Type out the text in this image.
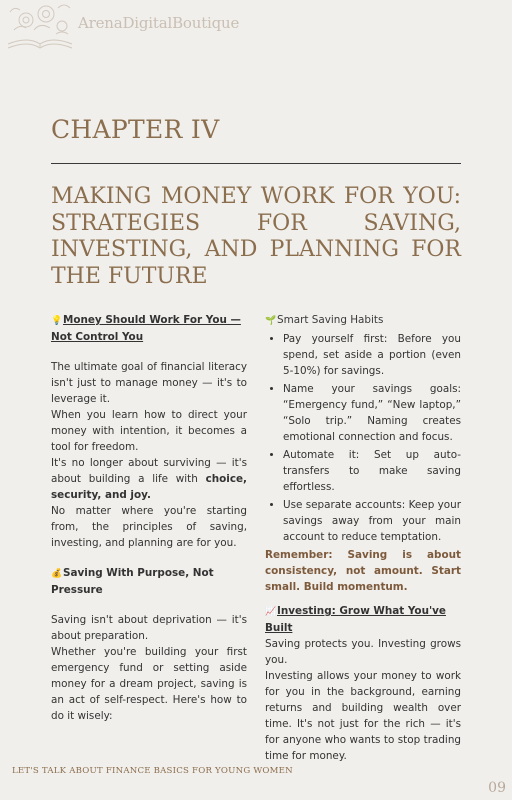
ArenaDigitalBoutique
CHAPTER IV
MAKING MONEY WORK FOR YOU: STRATEGIES FOR SAVING, INVESTING, AND PLANNING FOR THE FUTURE

💡Money Should Work For You — Not Control You

The ultimate goal of financial literacy isn't just to manage money — it's to leverage it.

When you learn how to direct your money with intention, it becomes a tool for freedom.

It's no longer about surviving — it's about building a life with choice, security, and joy.

No matter where you're starting from, the principles of saving, investing, and planning are for you.

💰Saving With Purpose, Not Pressure

Saving isn't about deprivation — it's about preparation.

Whether you're building your first emergency fund or setting aside money for a dream project, saving is an act of self-respect. Here's how to do it wisely:

🌱Smart Saving Habits

• Pay yourself first: Before you spend, set aside a portion (even 5-10%) for savings.
• Name your savings goals: “Emergency fund,” “New laptop,” “Solo trip.” Naming creates emotional connection and focus.
• Automate it: Set up auto-transfers to make saving effortless.
• Use separate accounts: Keep your savings away from your main account to reduce temptation.

Remember: Saving is about consistency, not amount. Start small. Build momentum.

📈Investing: Grow What You've Built

Saving protects you. Investing grows you.

Investing allows your money to work for you in the background, earning returns and building wealth over time. It's not just for the rich — it's for anyone who wants to stop trading time for money.

LET'S TALK ABOUT FINANCE BASICS FOR YOUNG WOMEN
09
